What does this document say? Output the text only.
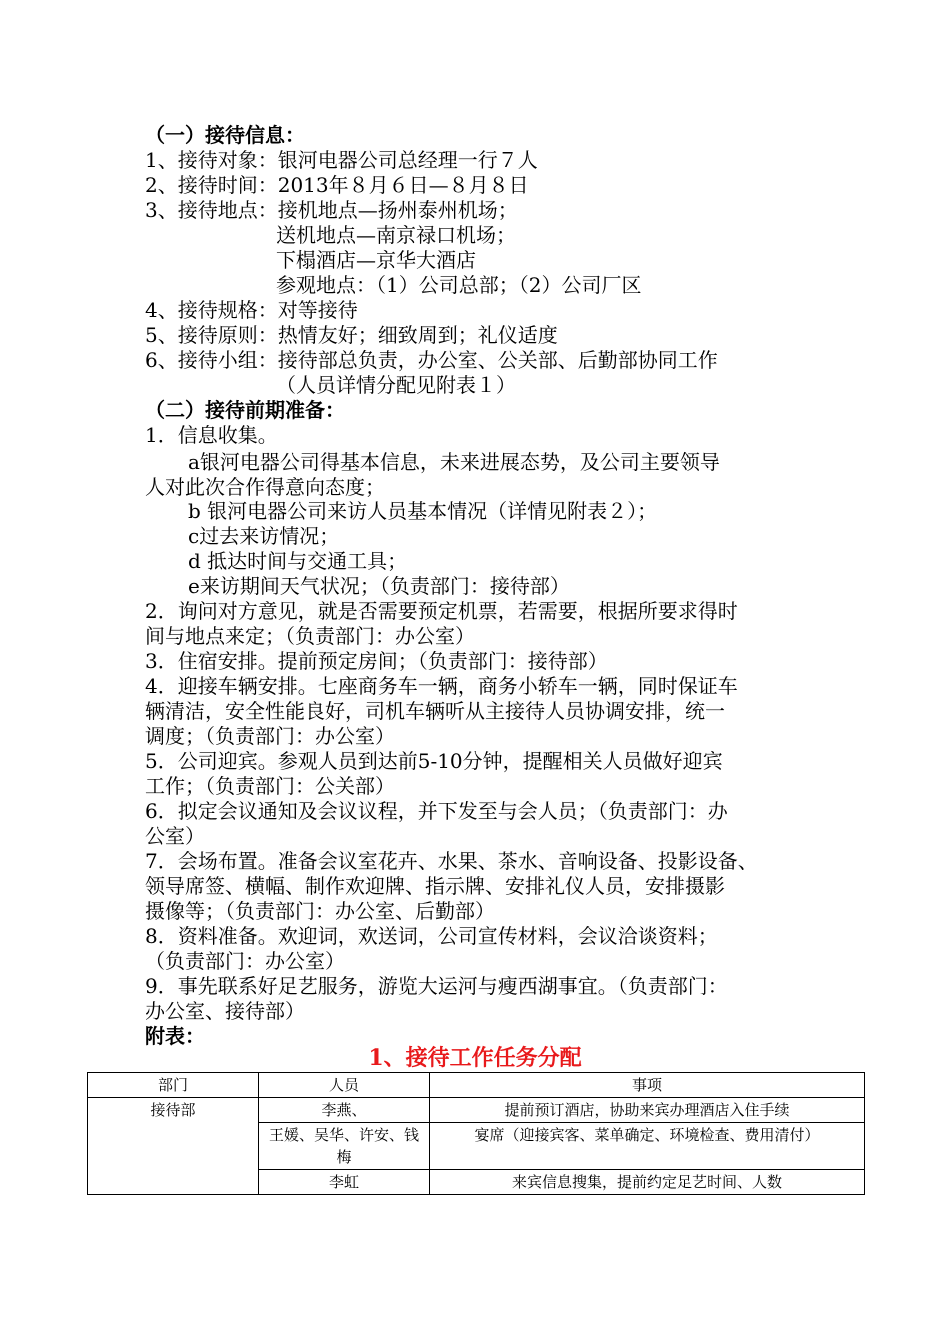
（一）接待信息：
1、接待对象：银河电器公司总经理一行７人
2、接待时间：2013年８月６日—８月８日
3、接待地点：接机地点—扬州泰州机场；
送机地点—南京禄口机场；
下榻酒店—京华大酒店
参观地点：（1）公司总部；（2）公司厂区
4、接待规格：对等接待
5、接待原则：热情友好；细致周到；礼仪适度
6、接待小组：接待部总负责，办公室、公关部、后勤部协同工作
（人员详情分配见附表１）
（二）接待前期准备：
1．信息收集。
a银河电器公司得基本信息，未来进展态势，及公司主要领导
人对此次合作得意向态度；
b 银河电器公司来访人员基本情况（详情见附表２）；
c过去来访情况；
d 抵达时间与交通工具；
e来访期间天气状况；（负责部门：接待部）
2．询问对方意见，就是否需要预定机票，若需要，根据所要求得时
间与地点来定；（负责部门：办公室）
3．住宿安排。提前预定房间；（负责部门：接待部）
4．迎接车辆安排。七座商务车一辆，商务小轿车一辆，同时保证车
辆清洁，安全性能良好，司机车辆听从主接待人员协调安排，统一
调度；（负责部门：办公室）
5．公司迎宾。参观人员到达前5-10分钟，提醒相关人员做好迎宾
工作；（负责部门：公关部）
6．拟定会议通知及会议议程，并下发至与会人员；（负责部门：办
公室）
7．会场布置。准备会议室花卉、水果、茶水、音响设备、投影设备、
领导席签、横幅、制作欢迎牌、指示牌、安排礼仪人员，安排摄影
摄像等；（负责部门：办公室、后勤部）
8．资料准备。欢迎词，欢送词，公司宣传材料，会议洽谈资料；
（负责部门：办公室）
9．事先联系好足艺服务，游览大运河与瘦西湖事宜。（负责部门：
办公室、接待部）
附表：
1、接待工作任务分配
部门	人员	事项
接待部	李燕、	提前预订酒店，协助来宾办理酒店入住手续
	王媛、吴华、许安、钱梅	宴席（迎接宾客、菜单确定、环境检查、费用清付）
	李虹	来宾信息搜集，提前约定足艺时间、人数
